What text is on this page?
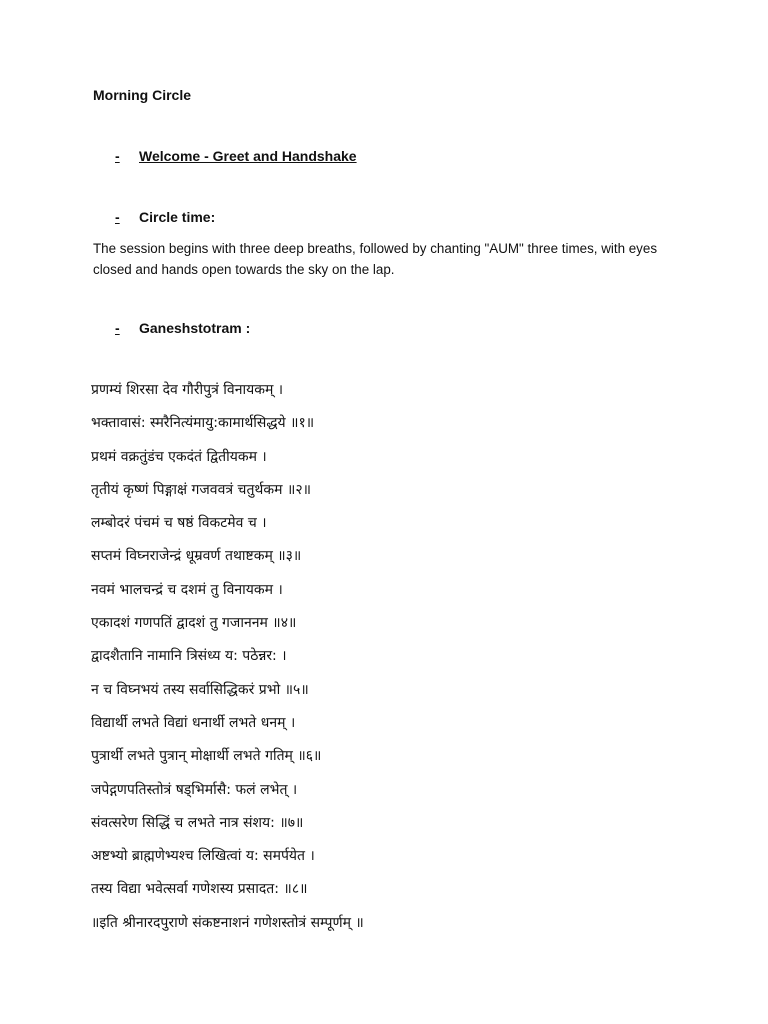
Morning Circle
-	Welcome - Greet and Handshake
-	Circle time:
The session begins with three deep breaths, followed by chanting "AUM" three times, with eyes closed and hands open towards the sky on the lap.
-	Ganeshstotram :
प्रणम्यं शिरसा देव गौरीपुत्रं विनायकम् ।
भक्तावासं: स्मरैनित्यंमायु:कामार्थसिद्धये ॥१॥
प्रथमं वक्रतुंडंच एकदंतं द्वितीयकम ।
तृतीयं कृष्णं पिङ्गाक्षं गजववत्रं चतुर्थकम ॥२॥
लम्बोदरं पंचमं च षष्ठं विकटमेव च ।
सप्तमं विघ्नराजेन्द्रं धूम्रवर्ण तथाष्टकम् ॥३॥
नवमं भालचन्द्रं च दशमं तु विनायकम ।
एकादशं गणपतिं द्वादशं तु गजाननम ॥४॥
द्वादशैतानि नामानि त्रिसंध्य य: पठेन्नर: ।
न च विघ्नभयं तस्य सर्वासिद्धिकरं प्रभो ॥५॥
विद्यार्थी लभते विद्यां धनार्थी लभते धनम् ।
पुत्रार्थी लभते पुत्रान् मोक्षार्थी लभते गतिम् ॥६॥
जपेद्गणपतिस्तोत्रं षड्भिर्मासै: फलं लभेत् ।
संवत्सरेण सिद्धिं च लभते नात्र संशय: ॥७॥
अष्टभ्यो ब्राह्मणेभ्यश्च लिखित्वां य: समर्पयेत ।
तस्य विद्या भवेत्सर्वा गणेशस्य प्रसादत: ॥८॥
॥इति श्रीनारदपुराणे संकष्टनाशनं गणेशस्तोत्रं सम्पूर्णम् ॥
